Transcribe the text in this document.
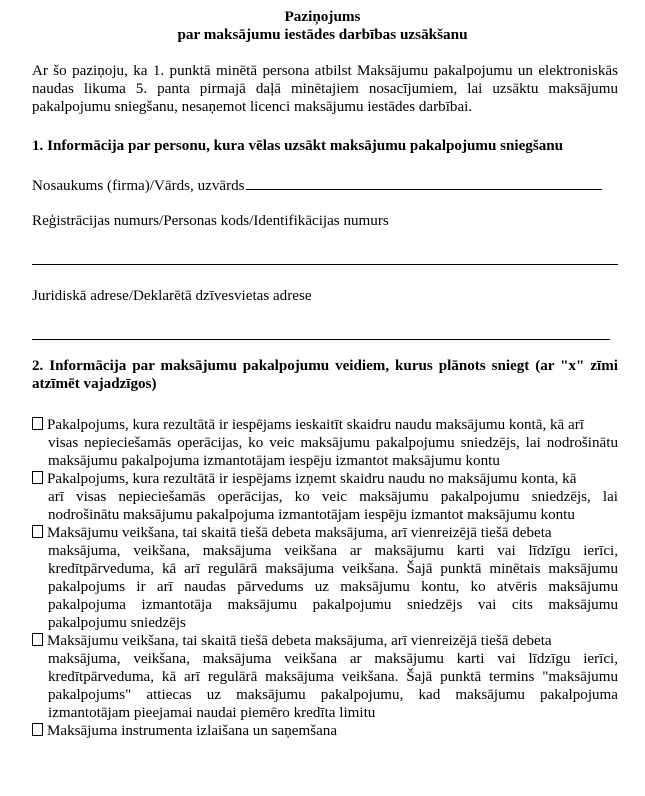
Paziņojums
par maksājumu iestādes darbības uzsākšanu
Ar šo paziņoju, ka 1. punktā minētā persona atbilst Maksājumu pakalpojumu un elektroniskās naudas likuma 5. panta pirmajā daļā minētajiem nosacījumiem, lai uzsāktu maksājumu pakalpojumu sniegšanu, nesaņemot licenci maksājumu iestādes darbībai.
1. Informācija par personu, kura vēlas uzsākt maksājumu pakalpojumu sniegšanu
Nosaukums (firma)/Vārds, uzvārds
Reģistrācijas numurs/Personas kods/Identifikācijas numurs
Juridiskā adrese/Deklarētā dzīvesvietas adrese
2. Informācija par maksājumu pakalpojumu veidiem, kurus plānots sniegt (ar "x" zīmi atzīmēt vajadzīgos)
Pakalpojums, kura rezultātā ir iespējams ieskaitīt skaidru naudu maksājumu kontā, kā arī
visas nepieciešamās operācijas, ko veic maksājumu pakalpojumu sniedzējs, lai nodrošinātu maksājumu pakalpojuma izmantotājam iespēju izmantot maksājumu kontu
Pakalpojums, kura rezultātā ir iespējams izņemt skaidru naudu no maksājumu konta, kā
arī visas nepieciešamās operācijas, ko veic maksājumu pakalpojumu sniedzējs, lai nodrošinātu maksājumu pakalpojuma izmantotājam iespēju izmantot maksājumu kontu
Maksājumu veikšana, tai skaitā tiešā debeta maksājuma, arī vienreizējā tiešā debeta
maksājuma, veikšana, maksājuma veikšana ar maksājumu karti vai līdzīgu ierīci, kredītpārveduma, kā arī regulārā maksājuma veikšana. Šajā punktā minētais maksājumu pakalpojums ir arī naudas pārvedums uz maksājumu kontu, ko atvēris maksājumu pakalpojuma izmantotāja maksājumu pakalpojumu sniedzējs vai cits maksājumu pakalpojumu sniedzējs
Maksājumu veikšana, tai skaitā tiešā debeta maksājuma, arī vienreizējā tiešā debeta
maksājuma, veikšana, maksājuma veikšana ar maksājumu karti vai līdzīgu ierīci, kredītpārveduma, kā arī regulārā maksājuma veikšana. Šajā punktā termins "maksājumu pakalpojums" attiecas uz maksājumu pakalpojumu, kad maksājumu pakalpojuma izmantotājam pieejamai naudai piemēro kredīta limitu
Maksājuma instrumenta izlaišana un saņemšana
